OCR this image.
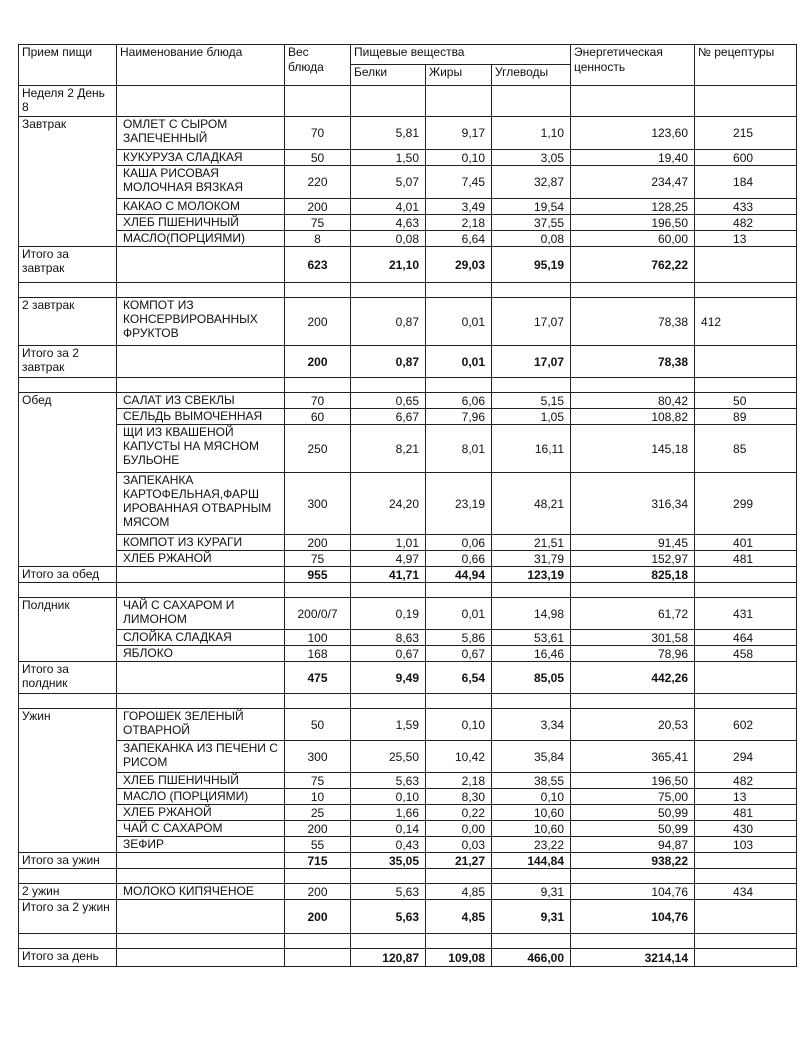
Прием пищи	Наименование блюда	Вес блюда	Пищевые вещества			Энергетическая ценность	№ рецептуры
			Белки	Жиры	Углеводы		
Неделя 2 День 8							
Завтрак	ОМЛЕТ С СЫРОМ ЗАПЕЧЕННЫЙ	70	5,81	9,17	1,10	123,60	215
	КУКУРУЗА СЛАДКАЯ	50	1,50	0,10	3,05	19,40	600
	КАША РИСОВАЯ МОЛОЧНАЯ ВЯЗКАЯ	220	5,07	7,45	32,87	234,47	184
	КАКАО С МОЛОКОМ	200	4,01	3,49	19,54	128,25	433
	ХЛЕБ ПШЕНИЧНЫЙ	75	4,63	2,18	37,55	196,50	482
	МАСЛО(ПОРЦИЯМИ)	8	0,08	6,64	0,08	60,00	13
Итого за завтрак		623	21,10	29,03	95,19	762,22	

2 завтрак	КОМПОТ ИЗ КОНСЕРВИРОВАННЫХ ФРУКТОВ	200	0,87	0,01	17,07	78,38	412
Итого за 2 завтрак		200	0,87	0,01	17,07	78,38	

Обед	САЛАТ ИЗ СВЕКЛЫ	70	0,65	6,06	5,15	80,42	50
	СЕЛЬДЬ ВЫМОЧЕННАЯ	60	6,67	7,96	1,05	108,82	89
	ЩИ ИЗ КВАШЕНОЙ КАПУСТЫ НА МЯСНОМ БУЛЬОНЕ	250	8,21	8,01	16,11	145,18	85
	ЗАПЕКАНКА КАРТОФЕЛЬНАЯ,ФАРШ ИРОВАННАЯ ОТВАРНЫМ МЯСОМ	300	24,20	23,19	48,21	316,34	299
	КОМПОТ ИЗ КУРАГИ	200	1,01	0,06	21,51	91,45	401
	ХЛЕБ РЖАНОЙ	75	4,97	0,66	31,79	152,97	481
Итого за обед		955	41,71	44,94	123,19	825,18	

Полдник	ЧАЙ С САХАРОМ И ЛИМОНОМ	200/0/7	0,19	0,01	14,98	61,72	431
	СЛОЙКА СЛАДКАЯ	100	8,63	5,86	53,61	301,58	464
	ЯБЛОКО	168	0,67	0,67	16,46	78,96	458
Итого за полдник		475	9,49	6,54	85,05	442,26	

Ужин	ГОРОШЕК ЗЕЛЕНЫЙ ОТВАРНОЙ	50	1,59	0,10	3,34	20,53	602
	ЗАПЕКАНКА ИЗ ПЕЧЕНИ С РИСОМ	300	25,50	10,42	35,84	365,41	294
	ХЛЕБ ПШЕНИЧНЫЙ	75	5,63	2,18	38,55	196,50	482
	МАСЛО (ПОРЦИЯМИ)	10	0,10	8,30	0,10	75,00	13
	ХЛЕБ РЖАНОЙ	25	1,66	0,22	10,60	50,99	481
	ЧАЙ С САХАРОМ	200	0,14	0,00	10,60	50,99	430
	ЗЕФИР	55	0,43	0,03	23,22	94,87	103
Итого за ужин		715	35,05	21,27	144,84	938,22	

2 ужин	МОЛОКО КИПЯЧЕНОЕ	200	5,63	4,85	9,31	104,76	434
Итого за 2 ужин		200	5,63	4,85	9,31	104,76	

Итого за день			120,87	109,08	466,00	3214,14	
